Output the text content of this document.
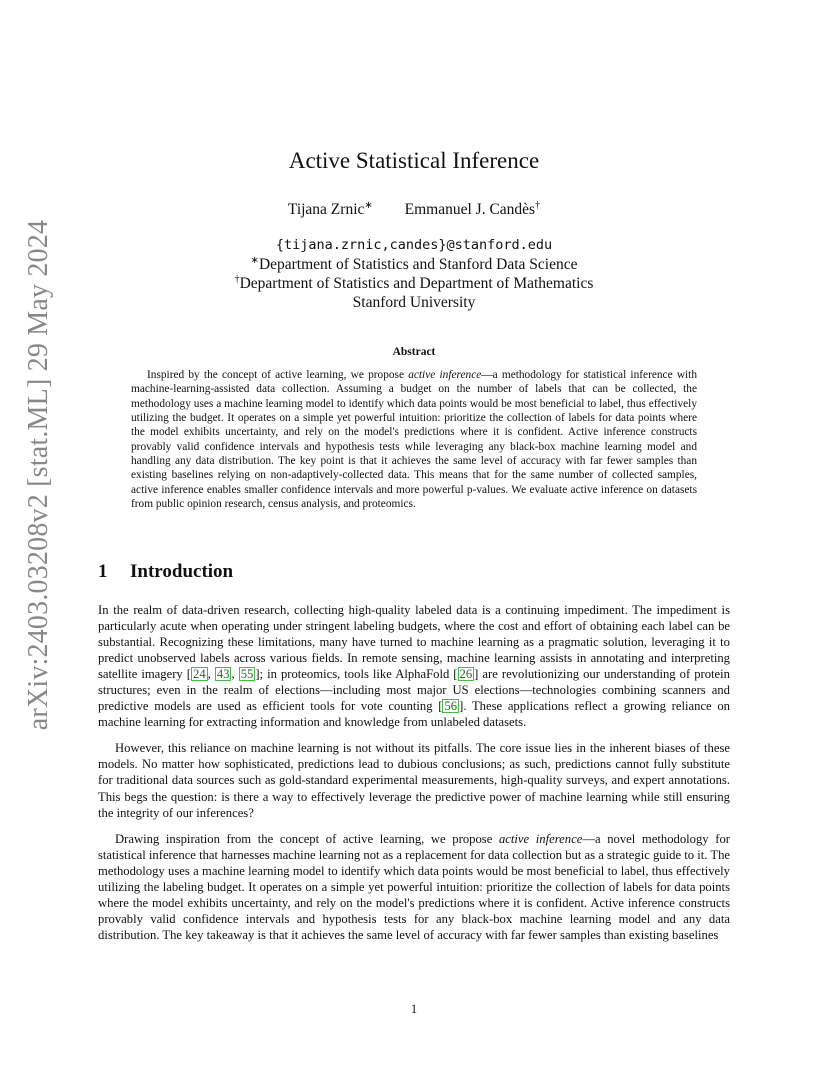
arXiv:2403.03208v2 [stat.ML] 29 May 2024
Active Statistical Inference
Tijana Zrnic∗ Emmanuel J. Candès†
{tijana.zrnic,candes}@stanford.edu
∗Department of Statistics and Stanford Data Science
†Department of Statistics and Department of Mathematics
Stanford University
Abstract
Inspired by the concept of active learning, we propose active inference—a methodology for statistical inference with machine-learning-assisted data collection. Assuming a budget on the number of labels that can be collected, the methodology uses a machine learning model to identify which data points would be most beneficial to label, thus effectively utilizing the budget. It operates on a simple yet powerful intuition: prioritize the collection of labels for data points where the model exhibits uncertainty, and rely on the model's predictions where it is confident. Active inference constructs provably valid confidence intervals and hypothesis tests while leveraging any black-box machine learning model and handling any data distribution. The key point is that it achieves the same level of accuracy with far fewer samples than existing baselines relying on non-adaptively-collected data. This means that for the same number of collected samples, active inference enables smaller confidence intervals and more powerful p-values. We evaluate active inference on datasets from public opinion research, census analysis, and proteomics.
1 Introduction

In the realm of data-driven research, collecting high-quality labeled data is a continuing impediment. The impediment is particularly acute when operating under stringent labeling budgets, where the cost and effort of obtaining each label can be substantial. Recognizing these limitations, many have turned to machine learning as a pragmatic solution, leveraging it to predict unobserved labels across various fields. In remote sensing, machine learning assists in annotating and interpreting satellite imagery [ 24 , 43 , 55 ]; in proteomics, tools like AlphaFold [ 26 ] are revolutionizing our understanding of protein structures; even in the realm of elections—including most major US elections—technologies combining scanners and predictive models are used as efficient tools for vote counting [ 56 ]. These applications reflect a growing reliance on machine learning for extracting information and knowledge from unlabeled datasets.

However, this reliance on machine learning is not without its pitfalls. The core issue lies in the inherent biases of these models. No matter how sophisticated, predictions lead to dubious conclusions; as such, predictions cannot fully substitute for traditional data sources such as gold-standard experimental measurements, high-quality surveys, and expert annotations. This begs the question: is there a way to effectively leverage the predictive power of machine learning while still ensuring the integrity of our inferences?

Drawing inspiration from the concept of active learning, we propose active inference—a novel methodology for statistical inference that harnesses machine learning not as a replacement for data collection but as a strategic guide to it. The methodology uses a machine learning model to identify which data points would be most beneficial to label, thus effectively utilizing the labeling budget. It operates on a simple yet powerful intuition: prioritize the collection of labels for data points where the model exhibits uncertainty, and rely on the model's predictions where it is confident. Active inference constructs provably valid confidence intervals and hypothesis tests for any black-box machine learning model and any data distribution. The key takeaway is that it achieves the same level of accuracy with far fewer samples than existing baselines

1
